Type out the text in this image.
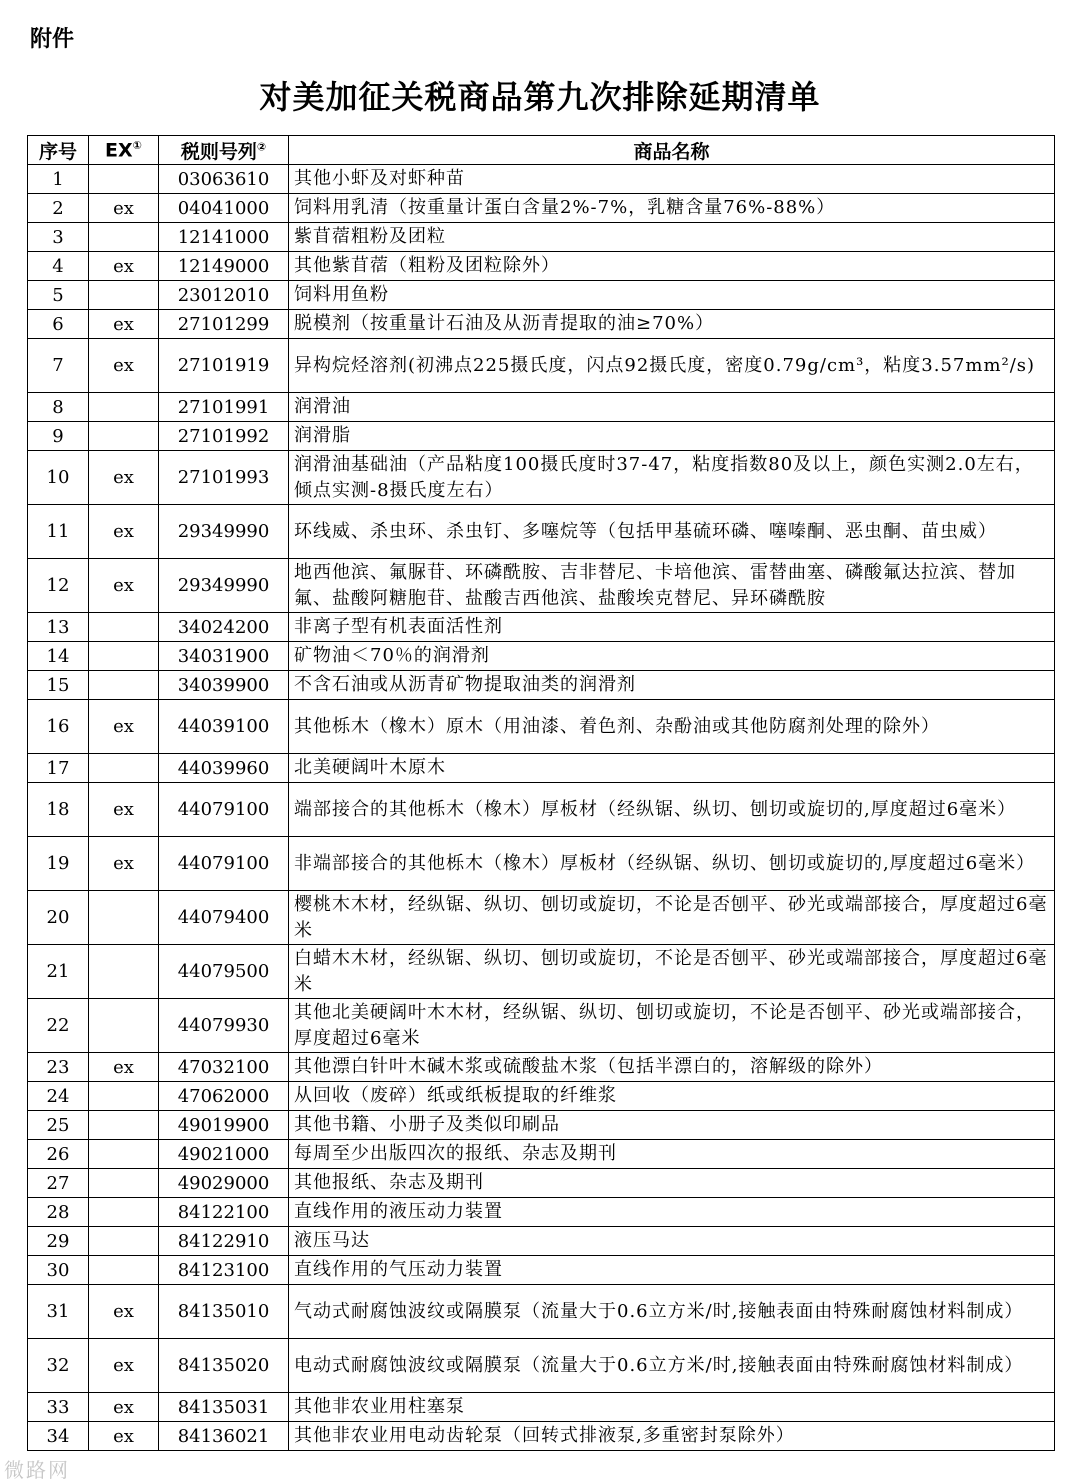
附件
对美加征关税商品第九次排除延期清单
序号	EX①	税则号列②	商品名称
1		03063610	其他小虾及对虾种苗
2	ex	04041000	饲料用乳清（按重量计蛋白含量2%-7%，乳糖含量76%-88%）
3		12141000	紫苜蓿粗粉及团粒
4	ex	12149000	其他紫苜蓿（粗粉及团粒除外）
5		23012010	饲料用鱼粉
6	ex	27101299	脱模剂（按重量计石油及从沥青提取的油≥70%）
7	ex	27101919	异构烷烃溶剂(初沸点225摄氏度，闪点92摄氏度，密度0.79g/cm³，粘度3.57mm²/s)
8		27101991	润滑油
9		27101992	润滑脂
10	ex	27101993	润滑油基础油（产品粘度100摄氏度时37-47，粘度指数80及以上，颜色实测2.0左右，倾点实测-8摄氏度左右）
11	ex	29349990	环线威、杀虫环、杀虫钉、多噻烷等（包括甲基硫环磷、噻嗪酮、恶虫酮、苗虫威）
12	ex	29349990	地西他滨、氟脲苷、环磷酰胺、吉非替尼、卡培他滨、雷替曲塞、磷酸氟达拉滨、替加氟、盐酸阿糖胞苷、盐酸吉西他滨、盐酸埃克替尼、异环磷酰胺
13		34024200	非离子型有机表面活性剂
14		34031900	矿物油＜70％的润滑剂
15		34039900	不含石油或从沥青矿物提取油类的润滑剂
16	ex	44039100	其他栎木（橡木）原木（用油漆、着色剂、杂酚油或其他防腐剂处理的除外）
17		44039960	北美硬阔叶木原木
18	ex	44079100	端部接合的其他栎木（橡木）厚板材（经纵锯、纵切、刨切或旋切的,厚度超过6毫米）
19	ex	44079100	非端部接合的其他栎木（橡木）厚板材（经纵锯、纵切、刨切或旋切的,厚度超过6毫米）
20		44079400	樱桃木木材，经纵锯、纵切、刨切或旋切，不论是否刨平、砂光或端部接合，厚度超过6毫米
21		44079500	白蜡木木材，经纵锯、纵切、刨切或旋切，不论是否刨平、砂光或端部接合，厚度超过6毫米
22		44079930	其他北美硬阔叶木木材，经纵锯、纵切、刨切或旋切，不论是否刨平、砂光或端部接合，厚度超过6毫米
23	ex	47032100	其他漂白针叶木碱木浆或硫酸盐木浆（包括半漂白的，溶解级的除外）
24		47062000	从回收（废碎）纸或纸板提取的纤维浆
25		49019900	其他书籍、小册子及类似印刷品
26		49021000	每周至少出版四次的报纸、杂志及期刊
27		49029000	其他报纸、杂志及期刊
28		84122100	直线作用的液压动力装置
29		84122910	液压马达
30		84123100	直线作用的气压动力装置
31	ex	84135010	气动式耐腐蚀波纹或隔膜泵（流量大于0.6立方米/时,接触表面由特殊耐腐蚀材料制成）
32	ex	84135020	电动式耐腐蚀波纹或隔膜泵（流量大于0.6立方米/时,接触表面由特殊耐腐蚀材料制成）
33	ex	84135031	其他非农业用柱塞泵
34	ex	84136021	其他非农业用电动齿轮泵（回转式排液泵,多重密封泵除外）
微路网
